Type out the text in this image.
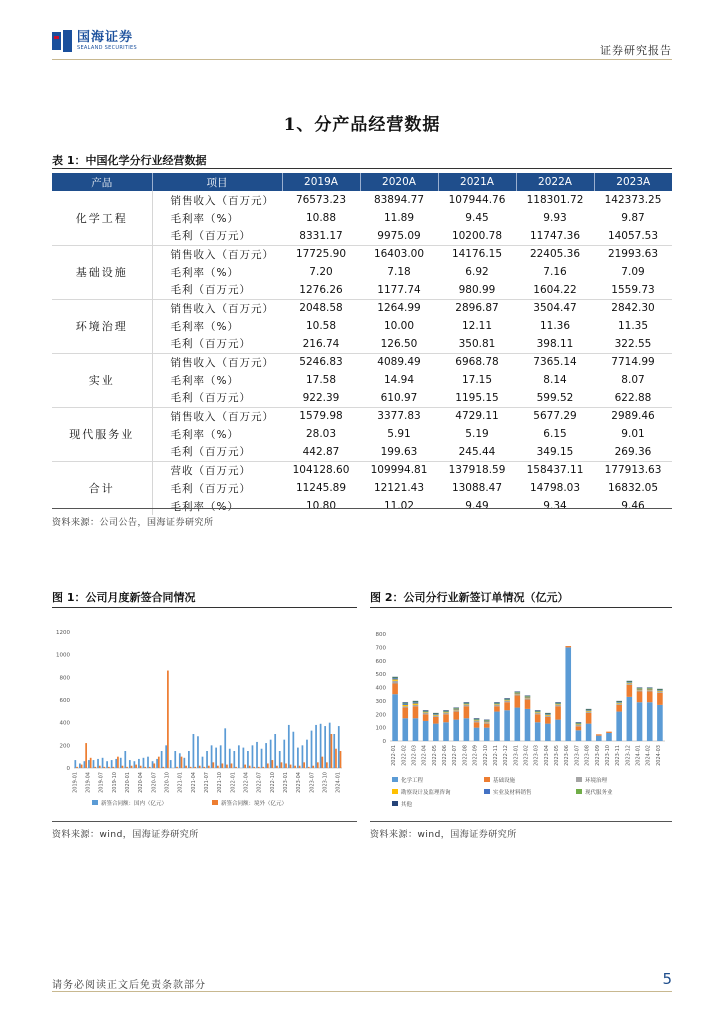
国海证券
SEALAND SECURITIES	证券研究报告
1、分产品经营数据
表 1：中国化学分行业经营数据
产品	项目	2019A	2020A	2021A	2022A	2023A
化学工程	销售收入（百万元）	76573.23	83894.77	107944.76	118301.72	142373.25
	毛利率（%）	10.88	11.89	9.45	9.93	9.87
	毛利（百万元）	8331.17	9975.09	10200.78	11747.36	14057.53
基础设施	销售收入（百万元）	17725.90	16403.00	14176.15	22405.36	21993.63
	毛利率（%）	7.20	7.18	6.92	7.16	7.09
	毛利（百万元）	1276.26	1177.74	980.99	1604.22	1559.73
环境治理	销售收入（百万元）	2048.58	1264.99	2896.87	3504.47	2842.30
	毛利率（%）	10.58	10.00	12.11	11.36	11.35
	毛利（百万元）	216.74	126.50	350.81	398.11	322.55
实业	销售收入（百万元）	5246.83	4089.49	6968.78	7365.14	7714.99
	毛利率（%）	17.58	14.94	17.15	8.14	8.07
	毛利（百万元）	922.39	610.97	1195.15	599.52	622.88
现代服务业	销售收入（百万元）	1579.98	3377.83	4729.11	5677.29	2989.46
	毛利率（%）	28.03	5.91	5.19	6.15	9.01
	毛利（百万元）	442.87	199.63	245.44	349.15	269.36
合计	营收（百万元）	104128.60	109994.81	137918.59	158437.11	177913.63
	毛利（百万元）	11245.89	12121.43	13088.47	14798.03	16832.05
	毛利率（%）	10.80	11.02	9.49	9.34	9.46
资料来源：公司公告，国海证券研究所
图 1：公司月度新签合同情况
0
200
400
600
800
1000
1200
2019-01 2019-04 2019-07 2019-10 2020-01 2020-04 2020-07 2020-10 2021-01 2021-04 2021-07 2021-10 2022-01 2022-04 2022-07 2022-10 2023-01 2023-04 2023-07 2023-10 2024-01
新签合同额：国内（亿元）	新签合同额：境外（亿元）
资料来源：wind，国海证券研究所
图 2：公司分行业新签订单情况（亿元）
0
100
200
300
400
500
600
700
800
2022-01 2022-02 2022-03 2022-04 2022-05 2022-06 2022-07 2022-08 2022-09 2022-10 2022-11 2022-12 2023-01 2023-02 2023-03 2023-04 2023-05 2023-06 2023-07 2023-08 2023-09 2023-10 2023-11 2023-12 2024-01 2024-02 2024-03
化学工程	基础设施	环境治理
勘察设计及监理咨询	实业及材料销售	现代服务业
其他
资料来源：wind，国海证券研究所
请务必阅读正文后免责条款部分	5
